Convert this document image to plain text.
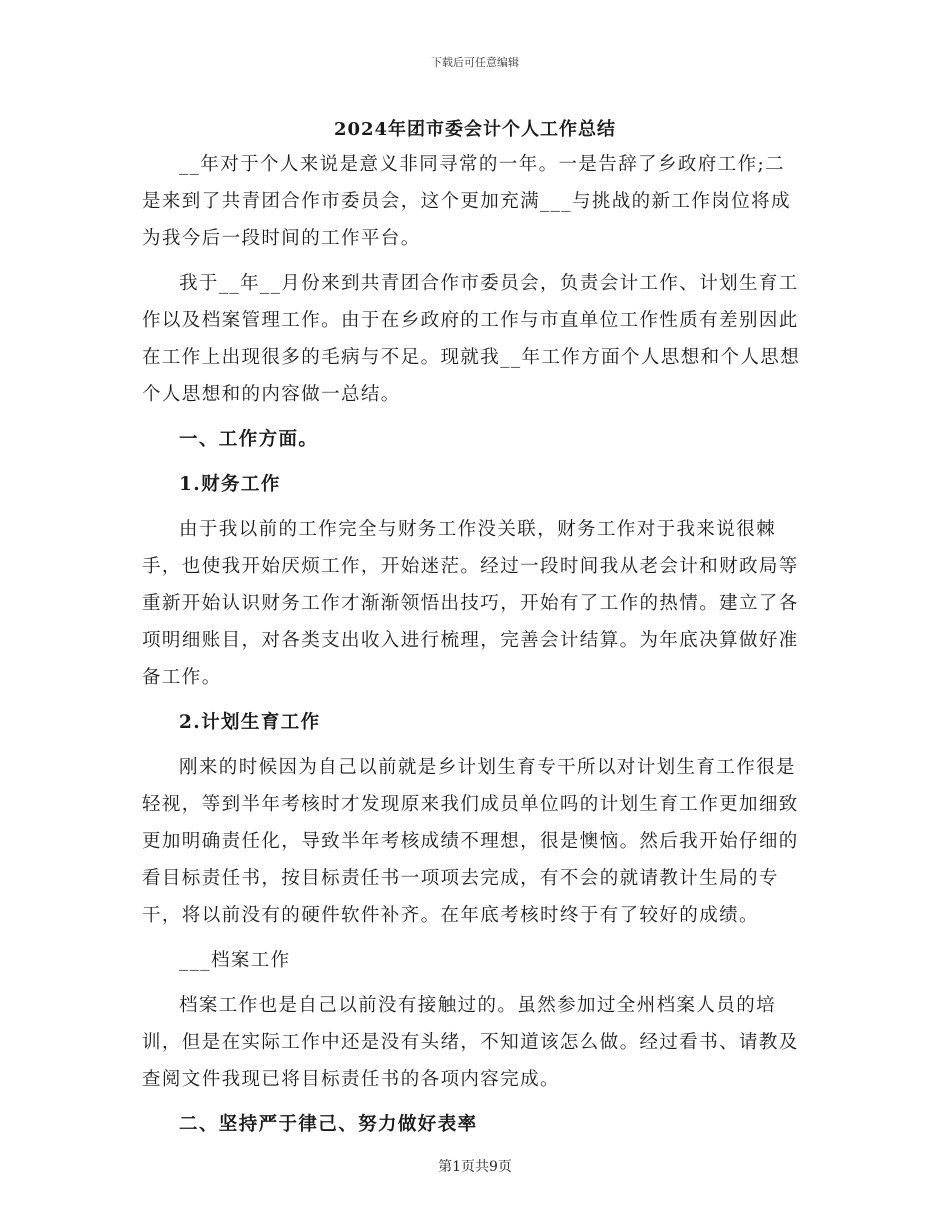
下载后可任意编辑
2024年团市委会计个人工作总结

__年对于个人来说是意义非同寻常的一年。一是告辞了乡政府工作;二是来到了共青团合作市委员会，这个更加充满___与挑战的新工作岗位将成为我今后一段时间的工作平台。

我于__年__月份来到共青团合作市委员会，负责会计工作、计划生育工作以及档案管理工作。由于在乡政府的工作与市直单位工作性质有差别因此在工作上出现很多的毛病与不足。现就我__年工作方面个人思想和个人思想个人思想和的内容做一总结。

一、工作方面。

1.财务工作

由于我以前的工作完全与财务工作没关联，财务工作对于我来说很棘手，也使我开始厌烦工作，开始迷茫。经过一段时间我从老会计和财政局等重新开始认识财务工作才渐渐领悟出技巧，开始有了工作的热情。建立了各项明细账目，对各类支出收入进行梳理，完善会计结算。为年底决算做好准备工作。

2.计划生育工作

刚来的时候因为自己以前就是乡计划生育专干所以对计划生育工作很是轻视，等到半年考核时才发现原来我们成员单位吗的计划生育工作更加细致更加明确责任化，导致半年考核成绩不理想，很是懊恼。然后我开始仔细的看目标责任书，按目标责任书一项项去完成，有不会的就请教计生局的专干，将以前没有的硬件软件补齐。在年底考核时终于有了较好的成绩。

___档案工作

档案工作也是自己以前没有接触过的。虽然参加过全州档案人员的培训，但是在实际工作中还是没有头绪，不知道该怎么做。经过看书、请教及查阅文件我现已将目标责任书的各项内容完成。

二、坚持严于律己、努力做好表率

第1页共9页
